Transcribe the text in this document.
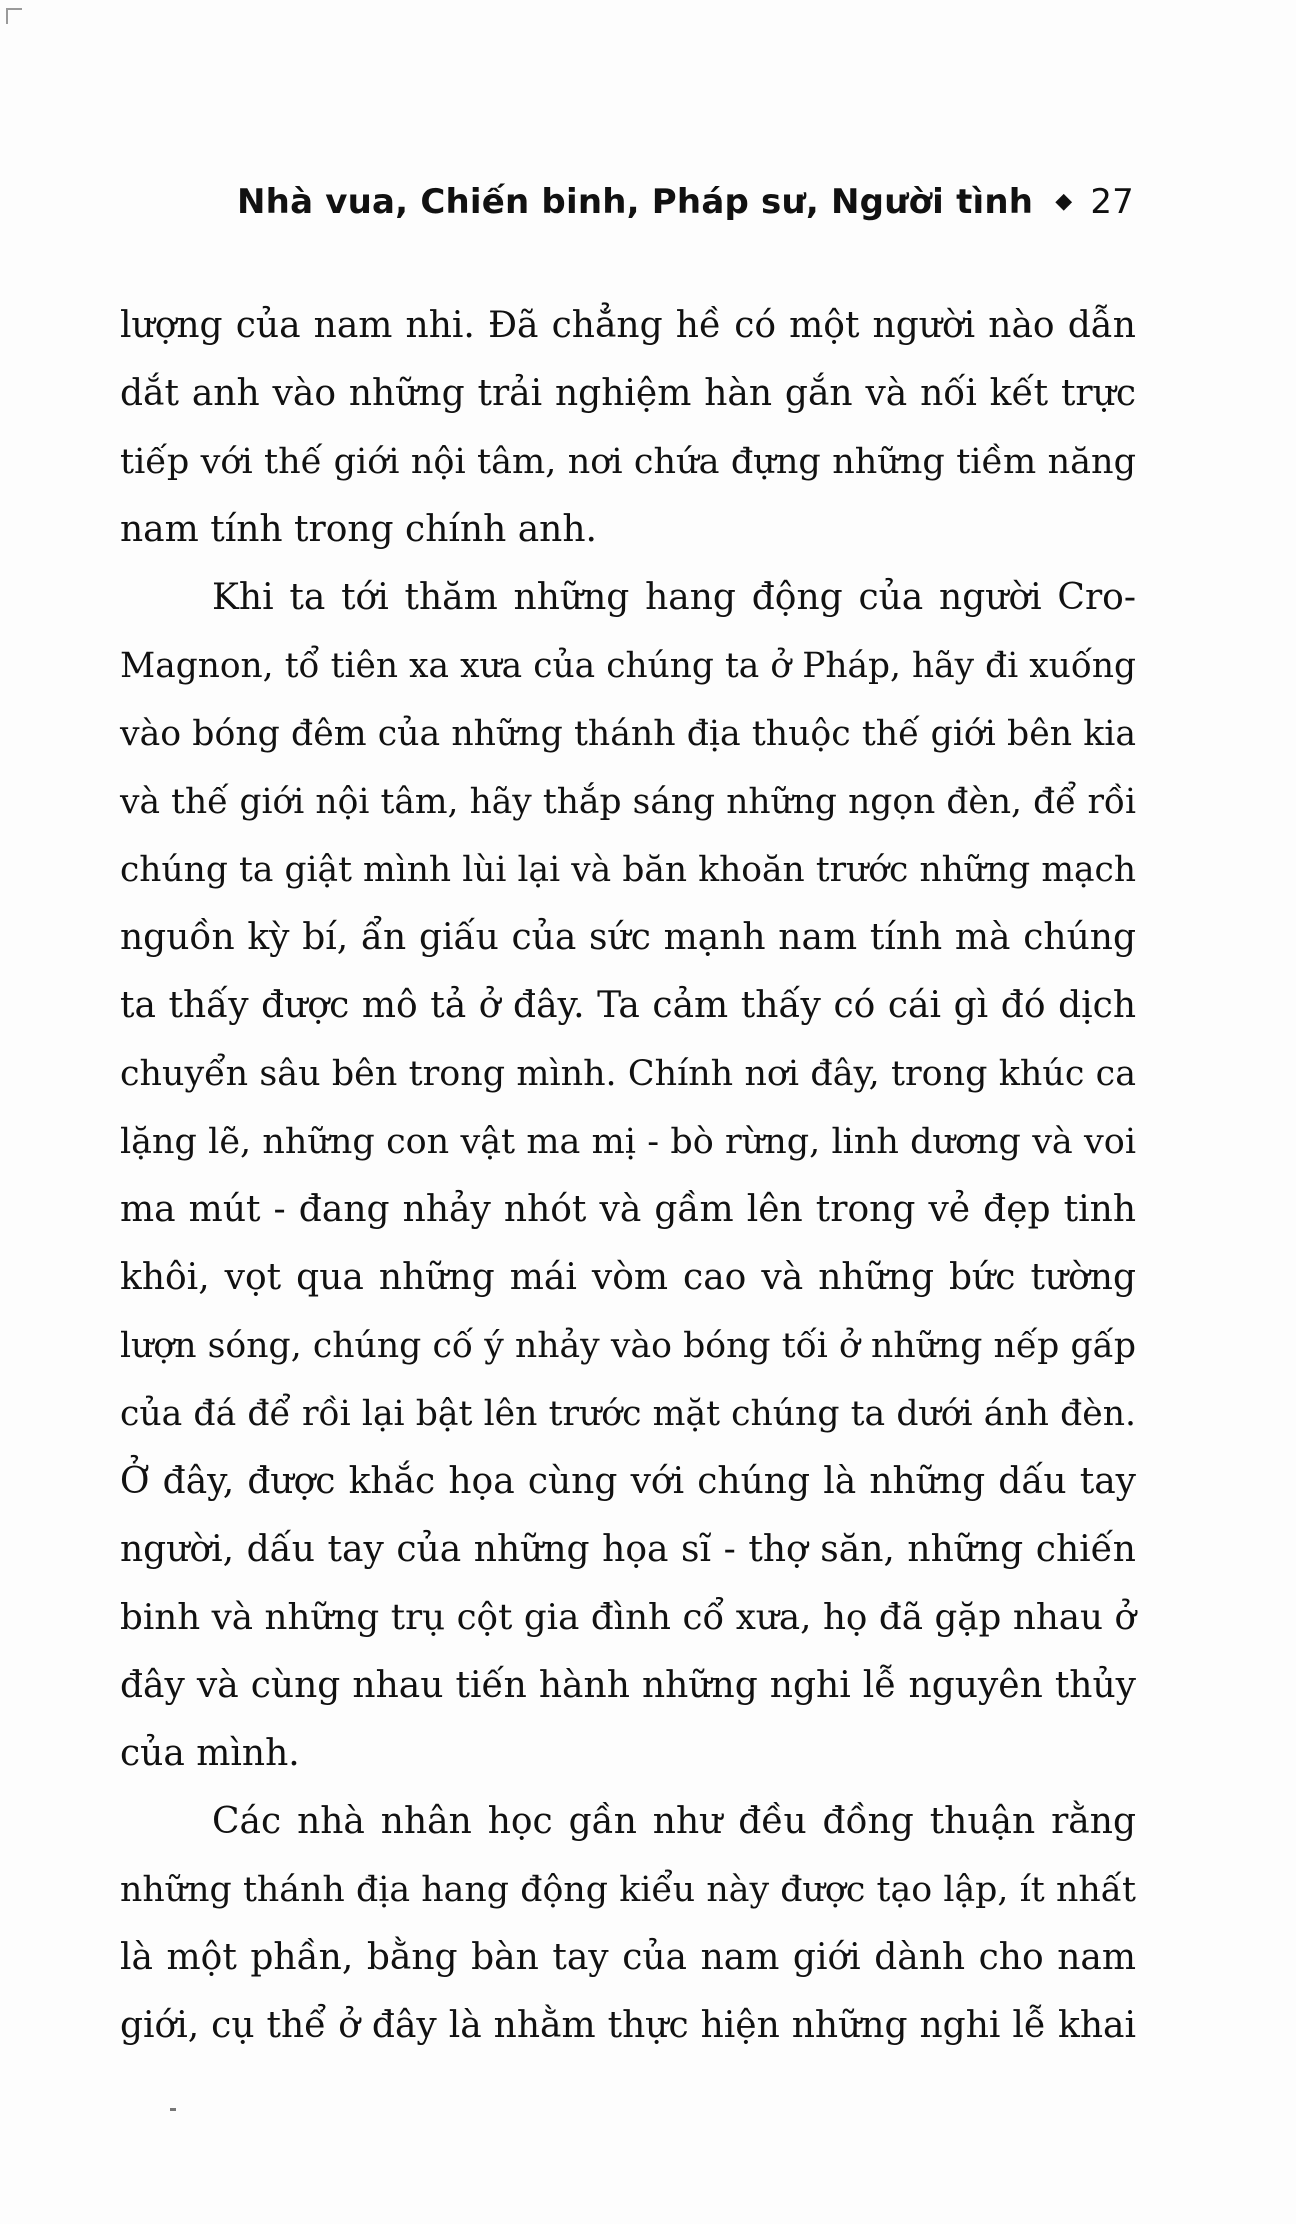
Nhà vua, Chiến binh, Pháp sư, Người tình ◆ 27
lượng của nam nhi. Đã chẳng hề có một người nào dẫn
dắt anh vào những trải nghiệm hàn gắn và nối kết trực
tiếp với thế giới nội tâm, nơi chứa đựng những tiềm năng
nam tính trong chính anh.
Khi ta tới thăm những hang động của người Cro-
Magnon, tổ tiên xa xưa của chúng ta ở Pháp, hãy đi xuống
vào bóng đêm của những thánh địa thuộc thế giới bên kia
và thế giới nội tâm, hãy thắp sáng những ngọn đèn, để rồi
chúng ta giật mình lùi lại và băn khoăn trước những mạch
nguồn kỳ bí, ẩn giấu của sức mạnh nam tính mà chúng
ta thấy được mô tả ở đây. Ta cảm thấy có cái gì đó dịch
chuyển sâu bên trong mình. Chính nơi đây, trong khúc ca
lặng lẽ, những con vật ma mị - bò rừng, linh dương và voi
ma mút - đang nhảy nhót và gầm lên trong vẻ đẹp tinh
khôi, vọt qua những mái vòm cao và những bức tường
lượn sóng, chúng cố ý nhảy vào bóng tối ở những nếp gấp
của đá để rồi lại bật lên trước mặt chúng ta dưới ánh đèn.
Ở đây, được khắc họa cùng với chúng là những dấu tay
người, dấu tay của những họa sĩ - thợ săn, những chiến
binh và những trụ cột gia đình cổ xưa, họ đã gặp nhau ở
đây và cùng nhau tiến hành những nghi lễ nguyên thủy
của mình.
Các nhà nhân học gần như đều đồng thuận rằng
những thánh địa hang động kiểu này được tạo lập, ít nhất
là một phần, bằng bàn tay của nam giới dành cho nam
giới, cụ thể ở đây là nhằm thực hiện những nghi lễ khai
